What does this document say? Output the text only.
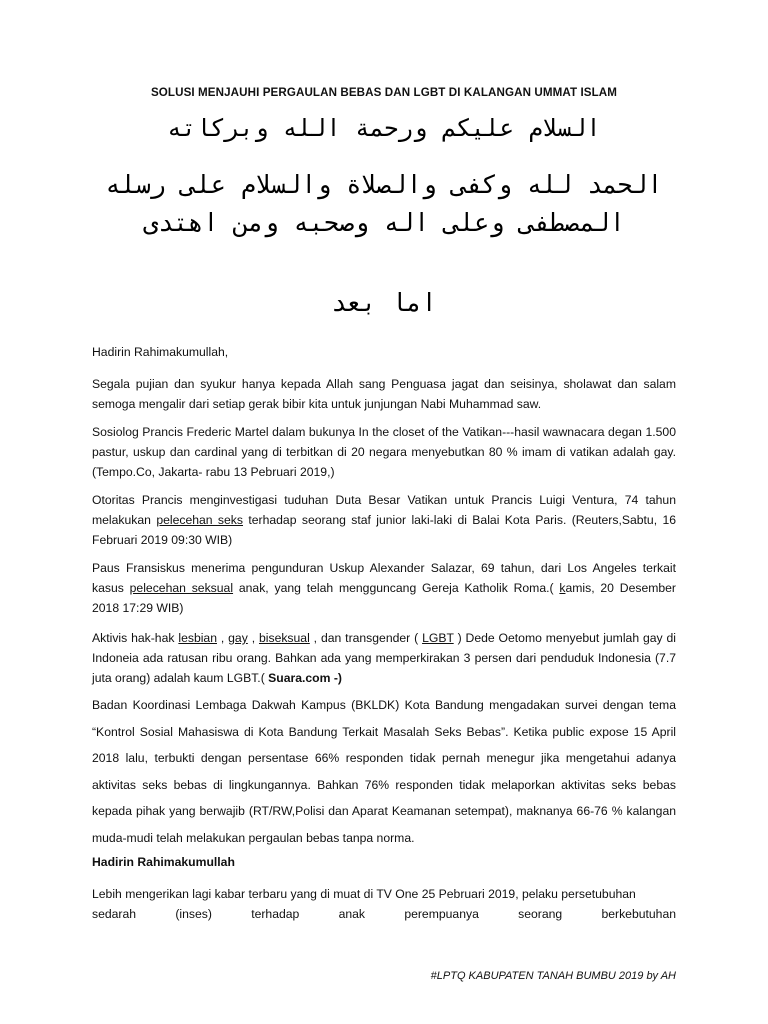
SOLUSI MENJAUHI PERGAULAN BEBAS DAN LGBT DI KALANGAN UMMAT ISLAM
السلام عليكم ورحمة الله وبركاته
الحمد لله وكفى والصلاة والسلام على رسله المصطفى وعلى اله وصحبه ومن اهتدى
اما بعد

Hadirin Rahimakumullah,

Segala pujian dan syukur hanya kepada Allah sang Penguasa jagat dan seisinya, sholawat dan salam semoga mengalir dari setiap gerak bibir kita untuk junjungan Nabi Muhammad saw.

Sosiolog Prancis Frederic Martel dalam bukunya In the closet of the Vatikan---hasil wawnacara degan 1.500 pastur, uskup dan cardinal yang di terbitkan di 20 negara menyebutkan 80 % imam di vatikan adalah gay. (Tempo.Co, Jakarta- rabu 13 Pebruari 2019,)

Otoritas Prancis menginvestigasi tuduhan Duta Besar Vatikan untuk Prancis Luigi Ventura, 74 tahun melakukan pelecehan seks terhadap seorang staf junior laki-laki di Balai Kota Paris. (Reuters,Sabtu, 16 Februari 2019 09:30 WIB)

Paus Fransiskus menerima pengunduran Uskup Alexander Salazar, 69 tahun, dari Los Angeles terkait kasus pelecehan seksual anak, yang telah mengguncang Gereja Katholik Roma.( kamis, 20 Desember 2018 17:29 WIB)

Aktivis hak-hak lesbian , gay , biseksual , dan transgender ( LGBT ) Dede Oetomo menyebut jumlah gay di Indoneia ada ratusan ribu orang. Bahkan ada yang memperkirakan 3 persen dari penduduk Indonesia (7.7 juta orang) adalah kaum LGBT.( Suara.com -)

Badan Koordinasi Lembaga Dakwah Kampus (BKLDK) Kota Bandung mengadakan survei dengan tema “Kontrol Sosial Mahasiswa di Kota Bandung Terkait Masalah Seks Bebas”. Ketika public expose 15 April 2018 lalu, terbukti dengan persentase 66% responden tidak pernah menegur jika mengetahui adanya aktivitas seks bebas di lingkungannya. Bahkan 76% responden tidak melaporkan aktivitas seks bebas kepada pihak yang berwajib (RT/RW,Polisi dan Aparat Keamanan setempat), maknanya 66-76 % kalangan muda-mudi telah melakukan pergaulan bebas tanpa norma.

Hadirin Rahimakumullah

Lebih mengerikan lagi kabar terbaru yang di muat di TV One 25 Pebruari 2019, pelaku persetubuhan
sedarah	(inses)	terhadap	anak	perempuanya	seorang	berkebutuhan
#LPTQ KABUPATEN TANAH BUMBU 2019 by AH
